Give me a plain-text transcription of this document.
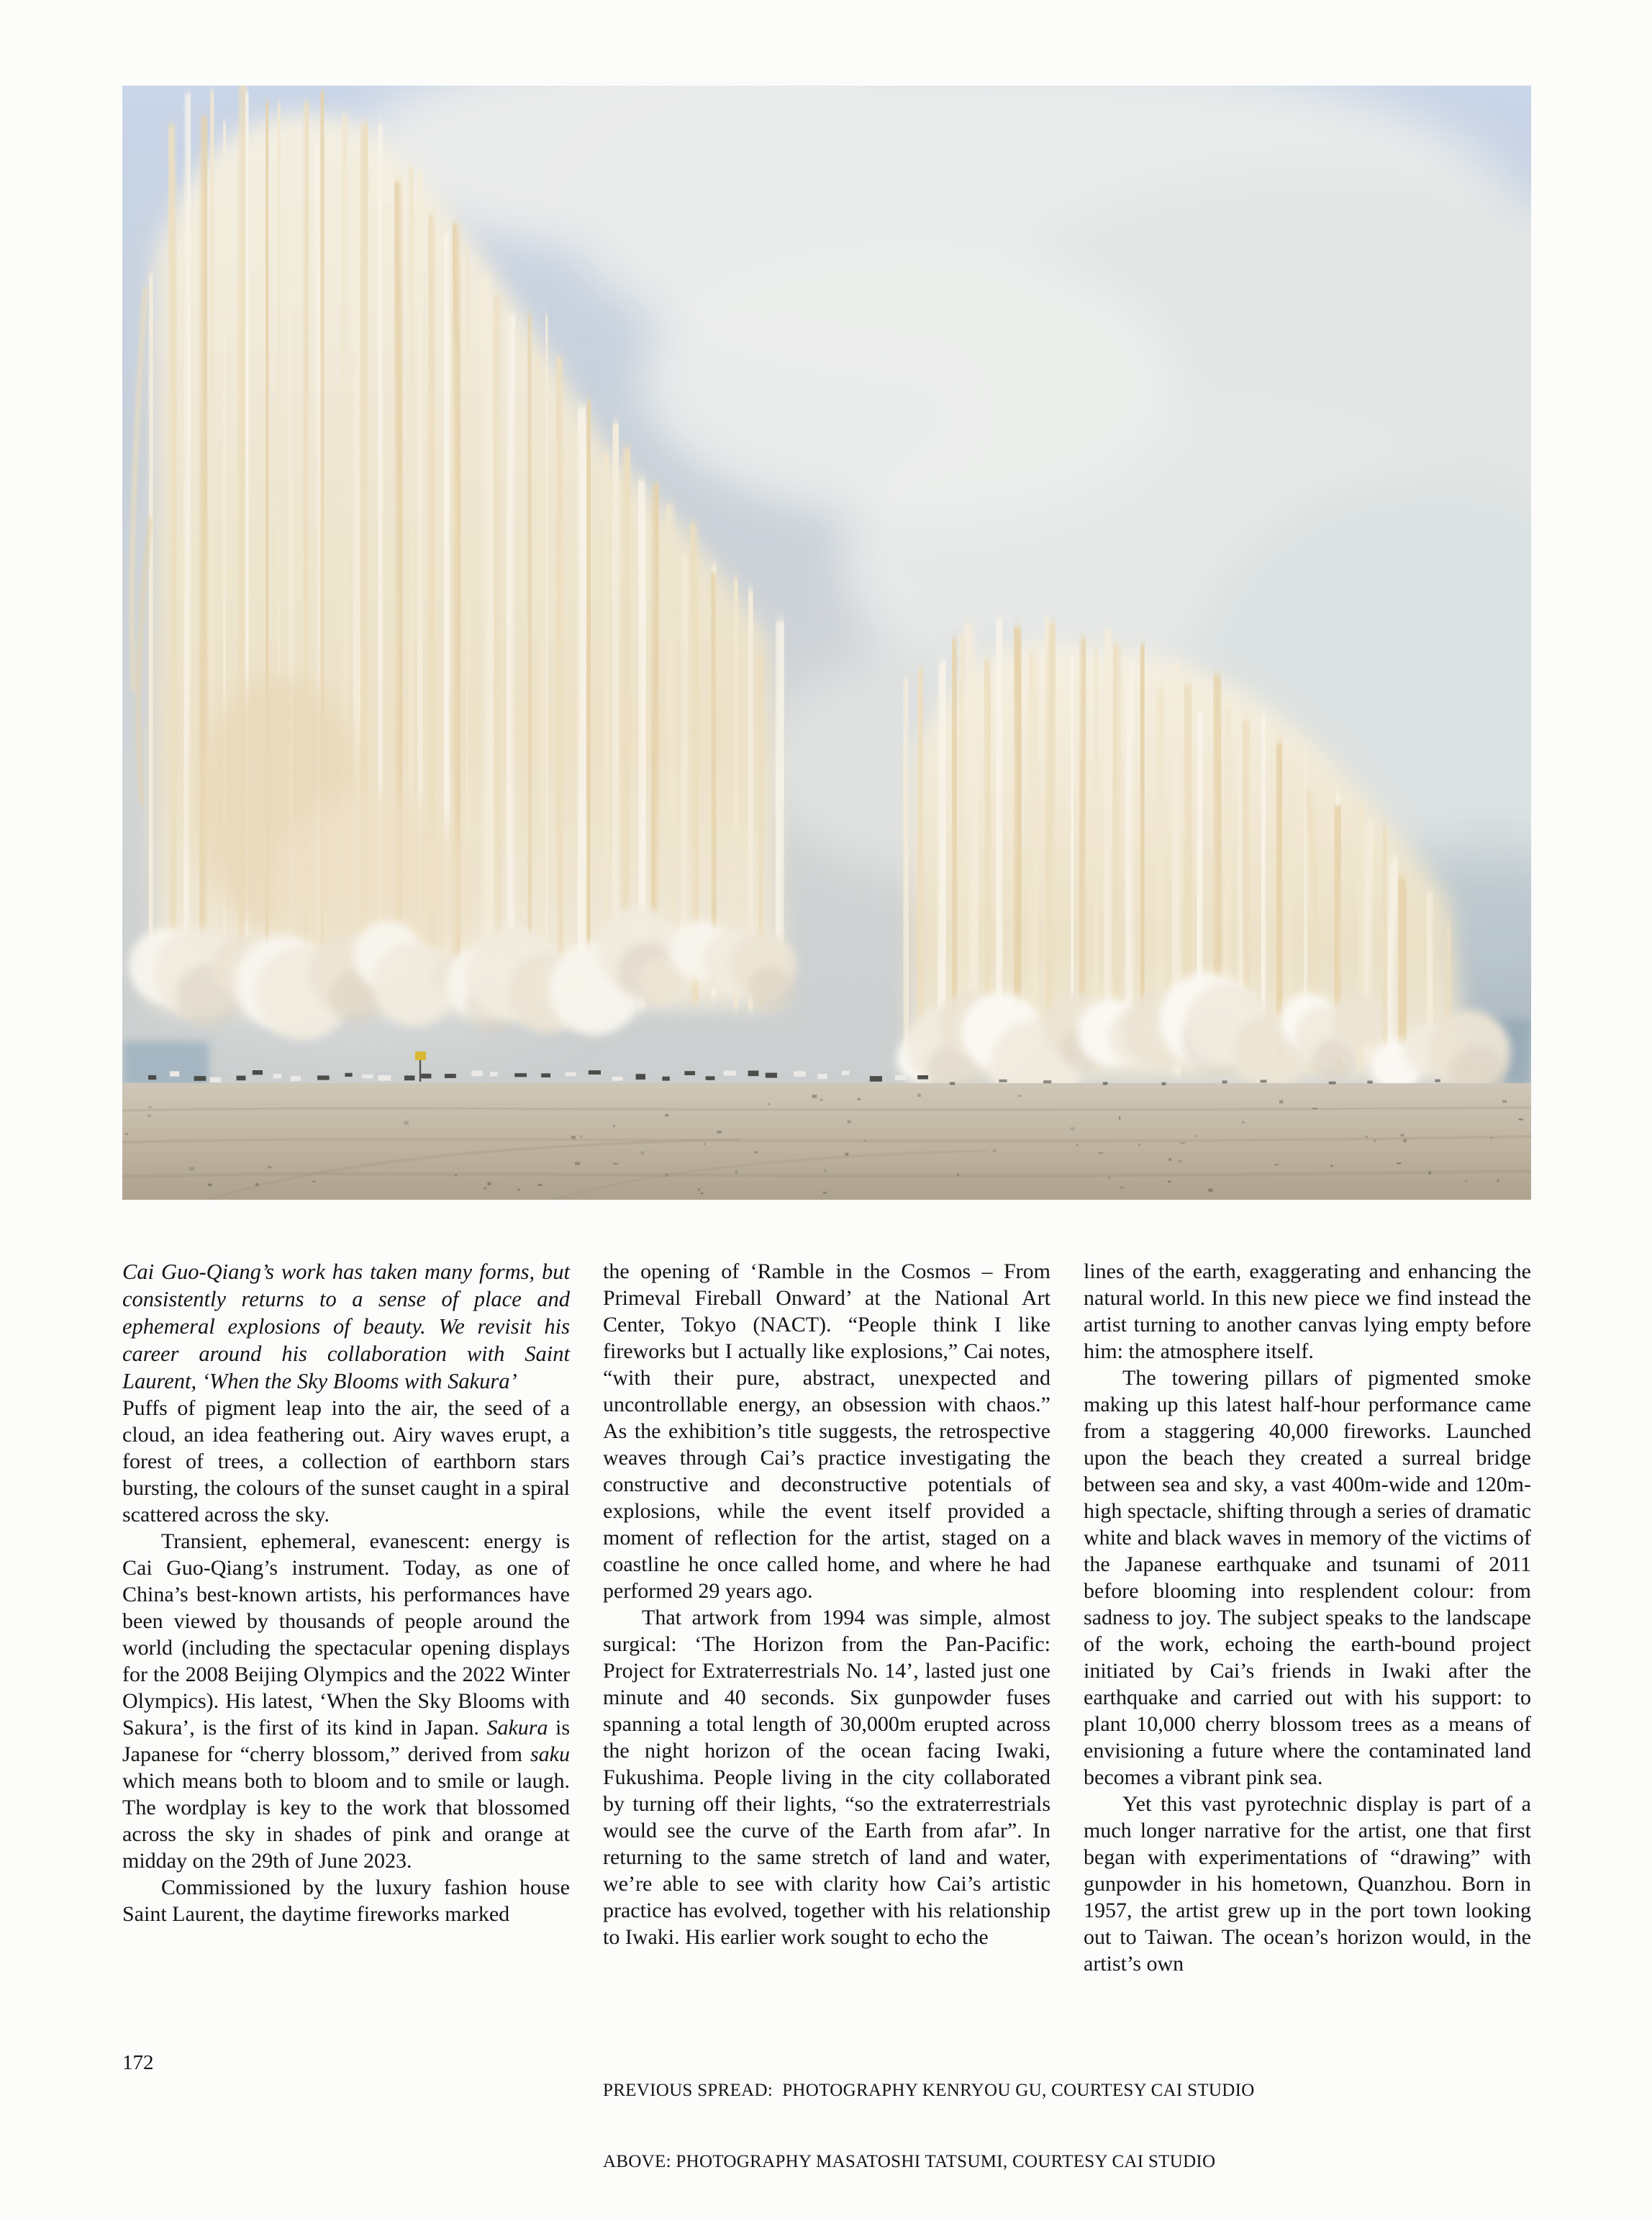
Cai Guo-Qiang’s work has taken many forms, but consistently returns to a sense of place and ephemeral explosions of beauty. We revisit his career around his collaboration with Saint Laurent, ‘When the Sky Blooms with Sakura’

Puffs of pigment leap into the air, the seed of a cloud, an idea feathering out. Airy waves erupt, a forest of trees, a collection of earthborn stars bursting, the colours of the sunset caught in a spiral scattered across the sky.

Transient, ephemeral, evanescent: energy is Cai Guo-Qiang’s instrument. Today, as one of China’s best-known artists, his performances have been viewed by thousands of people around the world (including the spectacular opening displays for the 2008 Beijing Olympics and the 2022 Winter Olympics). His latest, ‘When the Sky Blooms with Sakura’, is the first of its kind in Japan. Sakura is Japanese for “cherry blossom,” derived from saku which means both to bloom and to smile or laugh. The wordplay is key to the work that blossomed across the sky in shades of pink and orange at midday on the 29th of June 2023.

Commissioned by the luxury fashion house Saint Laurent, the daytime fireworks marked

the opening of ‘Ramble in the Cosmos – From Primeval Fireball Onward’ at the National Art Center, Tokyo (NACT). “People think I like fireworks but I actually like explosions,” Cai notes, “with their pure, abstract, unexpected and uncontrollable energy, an obsession with chaos.” As the exhibition’s title suggests, the retrospective weaves through Cai’s practice investigating the constructive and deconstructive potentials of explosions, while the event itself provided a moment of reflection for the artist, staged on a coastline he once called home, and where he had performed 29 years ago.

That artwork from 1994 was simple, almost surgical: ‘The Horizon from the Pan-Pacific: Project for Extraterrestrials No. 14’, lasted just one minute and 40 seconds. Six gunpowder fuses spanning a total length of 30,000m erupted across the night horizon of the ocean facing Iwaki, Fukushima. People living in the city collaborated by turning off their lights, “so the extraterrestrials would see the curve of the Earth from afar”. In returning to the same stretch of land and water, we’re able to see with clarity how Cai’s artistic practice has evolved, together with his relationship to Iwaki. His earlier work sought to echo the

lines of the earth, exaggerating and enhancing the natural world. In this new piece we find instead the artist turning to another canvas lying empty before him: the atmosphere itself.

The towering pillars of pigmented smoke making up this latest half-hour performance came from a staggering 40,000 fireworks. Launched upon the beach they created a surreal bridge between sea and sky, a vast 400m-wide and 120m-high spectacle, shifting through a series of dramatic white and black waves in memory of the victims of the Japanese earthquake and tsunami of 2011 before blooming into resplendent colour: from sadness to joy. The subject speaks to the landscape of the work, echoing the earth-bound project initiated by Cai’s friends in Iwaki after the earthquake and carried out with his support: to plant 10,000 cherry blossom trees as a means of envisioning a future where the contaminated land becomes a vibrant pink sea.

Yet this vast pyrotechnic display is part of a much longer narrative for the artist, one that first began with experimentations of “drawing” with gunpowder in his hometown, Quanzhou. Born in 1957, the artist grew up in the port town looking out to Taiwan. The ocean’s horizon would, in the artist’s own

PREVIOUS SPREAD:  PHOTOGRAPHY KENRYOU GU, COURTESY CAI STUDIO

ABOVE: PHOTOGRAPHY MASATOSHI TATSUMI, COURTESY CAI STUDIO

172
